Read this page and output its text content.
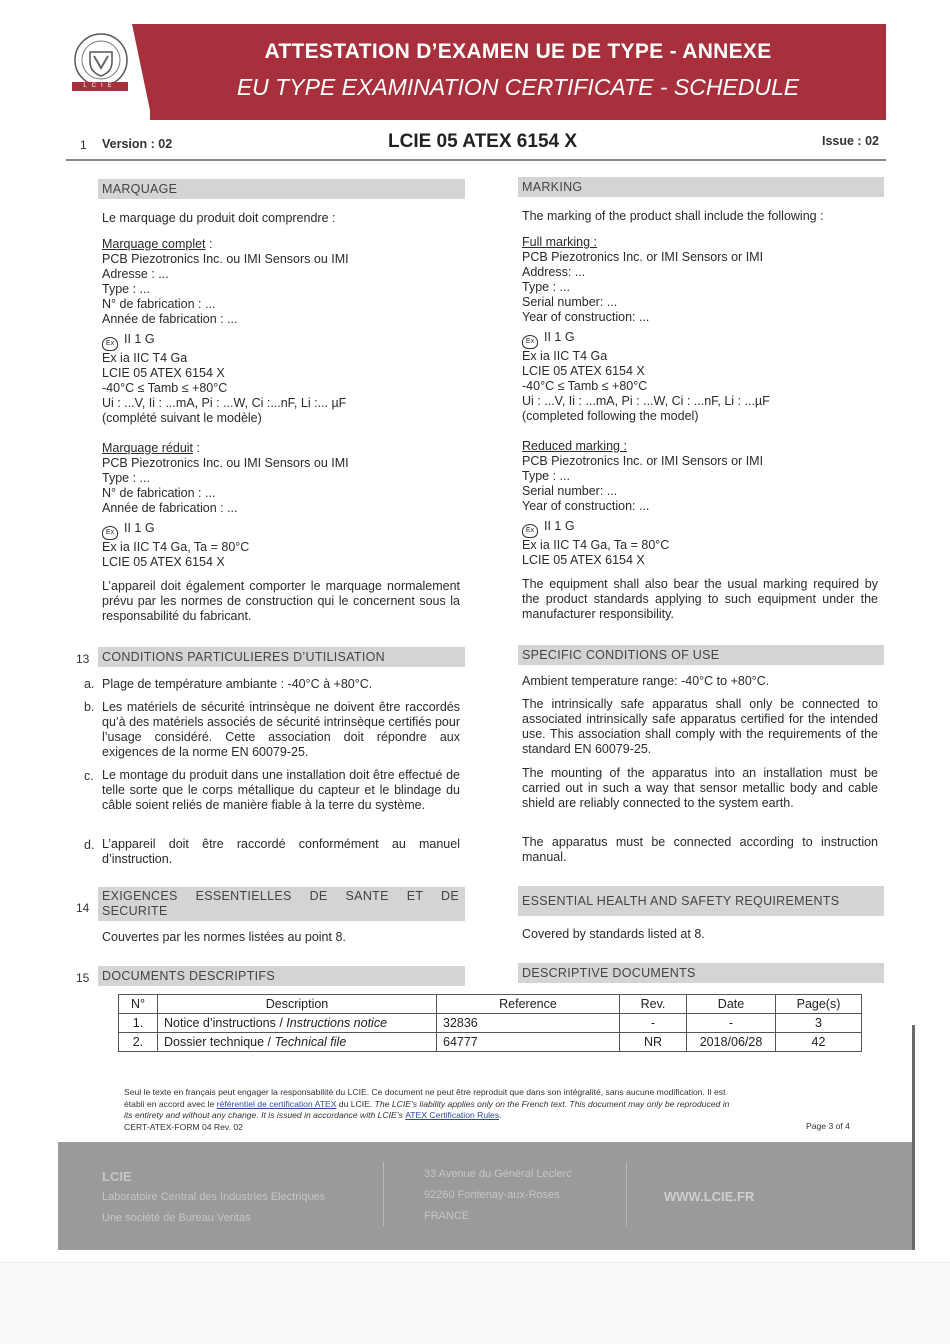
LCIE
ATTESTATION D’EXAMEN UE DE TYPE - ANNEXE
EU TYPE EXAMINATION CERTIFICATE - SCHEDULE
1 Version : 02	LCIE 05 ATEX 6154 X	Issue : 02
MARQUAGE	MARKING

Le marquage du produit doit comprendre :

Marquage complet :

PCB Piezotronics Inc. ou IMI Sensors ou IMI

Adresse : ...

Type : ...

N° de fabrication : ...

Année de fabrication : ...

Ex II 1 G

Ex ia IIC T4 Ga

LCIE 05 ATEX 6154 X

-40°C ≤ Tamb ≤ +80°C

Ui : ...V, Ii : ...mA, Pi : ...W, Ci :...nF, Li :... µF

(complété suivant le modèle)

Marquage réduit :

PCB Piezotronics Inc. ou IMI Sensors ou IMI

Type : ...

N° de fabrication : ...

Année de fabrication : ...

Ex II 1 G

Ex ia IIC T4 Ga, Ta = 80°C

LCIE 05 ATEX 6154 X

L’appareil doit également comporter le marquage normalement prévu par les normes de construction qui le concernent sous la responsabilité du fabricant.

The marking of the product shall include the following :

Full marking :

PCB Piezotronics Inc. or IMI Sensors or IMI

Address: ...

Type : ...

Serial number: ...

Year of construction: ...

Ex II 1 G

Ex ia IIC T4 Ga

LCIE 05 ATEX 6154 X

-40°C ≤ Tamb ≤ +80°C

Ui : ...V, Ii : ...mA, Pi : ...W, Ci : ...nF, Li : ...µF

(completed following the model)

Reduced marking :

PCB Piezotronics Inc. or IMI Sensors or IMI

Type : ...

Serial number: ...

Year of construction: ...

Ex II 1 G

Ex ia IIC T4 Ga, Ta = 80°C

LCIE 05 ATEX 6154 X

The equipment shall also bear the usual marking required by the product standards applying to such equipment under the manufacturer responsibility.

13	CONDITIONS PARTICULIERES D’UTILISATION	SPECIFIC CONDITIONS OF USE
a. Plage de température ambiante : -40°C à +80°C.	Ambient temperature range: -40°C to +80°C.
b. Les matériels de sécurité intrinsèque ne doivent être raccordés qu’à des matériels associés de sécurité intrinsèque certifiés pour l’usage considéré. Cette association doit répondre aux exigences de la norme EN 60079-25.
The intrinsically safe apparatus shall only be connected to associated intrinsically safe apparatus certified for the intended use. This association shall comply with the requirements of the standard EN 60079-25.
c. Le montage du produit dans une installation doit être effectué de telle sorte que le corps métallique du capteur et le blindage du câble soient reliés de manière fiable à la terre du système.
The mounting of the apparatus into an installation must be carried out in such a way that sensor metallic body and cable shield are reliably connected to the system earth.
d. L’appareil doit être raccordé conformément au manuel d’instruction.
The apparatus must be connected according to instruction manual.
14
EXIGENCES ESSENTIELLES DE SANTE ET DE
SECURITE
ESSENTIAL HEALTH AND SAFETY REQUIREMENTS
Couvertes par les normes listées au point 8.	Covered by standards listed at 8.
15	DOCUMENTS DESCRIPTIFS	DESCRIPTIVE DOCUMENTS
N°	Description	Reference	Rev.	Date	Page(s)
1.	Notice d’instructions / Instructions notice	32836	-	-	3
2.	Dossier technique / Technical file	64777	NR	2018/06/28	42
Seul le texte en français peut engager la responsabilité du LCIE. Ce document ne peut être reproduit que dans son intégralité, sans aucune modification. Il est
établi en accord avec le référentiel de certification ATEX du LCIE. The LCIE’s liability applies only on the French text. This document may only be reproduced in
its entirety and without any change. It is issued in accordance with LCIE’s ATEX Certification Rules.
CERT-ATEX-FORM 04 Rev. 02	Page 3 of 4
LCIE
Laboratoire Central des Industries Electriques
Une société de Bureau Veritas
33 Avenue du Général Leclerc
92260 Fontenay-aux-Roses
FRANCE
WWW.LCIE.FR
